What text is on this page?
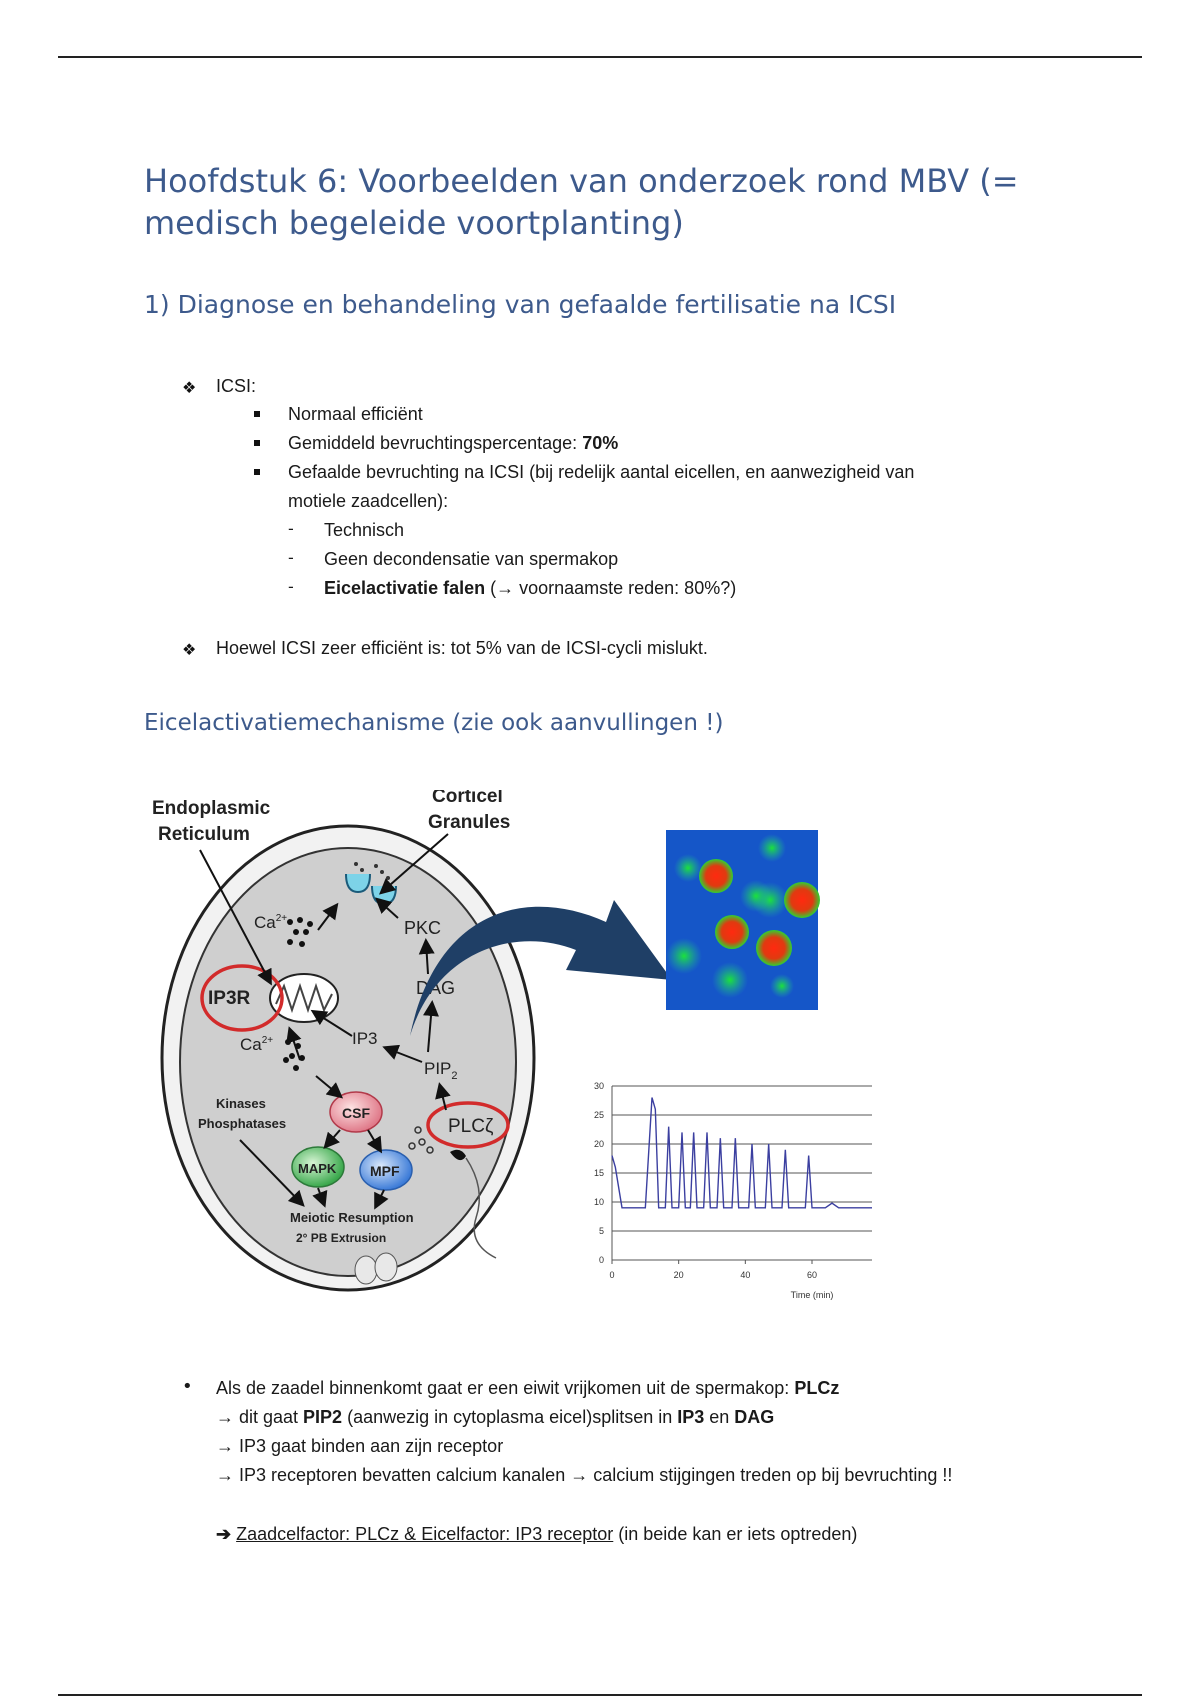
Hoofdstuk 6: Voorbeelden van onderzoek rond MBV (= medisch begeleide voortplanting)
1) Diagnose en behandeling van gefaalde fertilisatie na ICSI
❖ ICSI:
Normaal efficiënt
Gemiddeld bevruchtingspercentage: 70%
Gefaalde bevruchting na ICSI (bij redelijk aantal eicellen, en aanwezigheid van
motiele zaadcellen):
- Technisch
- Geen decondensatie van spermakop
- Eicelactivatie falen (→ voornaamste reden: 80%?)
❖ Hoewel ICSI zeer efficiënt is: tot 5% van de ICSI-cycli mislukt.
Eicelactivatiemechanisme (zie ook aanvullingen !)
Endoplasmic
Reticulum
Corticel
Granules
$Ca^{2+}$
$Ca^{2+}$
PKC
DAG
IP3
$PIP_2$
IP3R
Kinases
Phosphatases
CSF
MAPK MPF
Meiotic Resumption
2° PB Extrusion
PLCζ
0
5
10
15
20
25
30
0	20	40	60
Time (min)
• Als de zaadel binnenkomt gaat er een eiwit vrijkomen uit de spermakop: PLCz
→ dit gaat PIP2 (aanwezig in cytoplasma eicel)splitsen in IP3 en DAG
→ IP3 gaat binden aan zijn receptor
→ IP3 receptoren bevatten calcium kanalen → calcium stijgingen treden op bij bevruchting !!
➔ Zaadcelfactor: PLCz & Eicelfactor: IP3 receptor (in beide kan er iets optreden)
